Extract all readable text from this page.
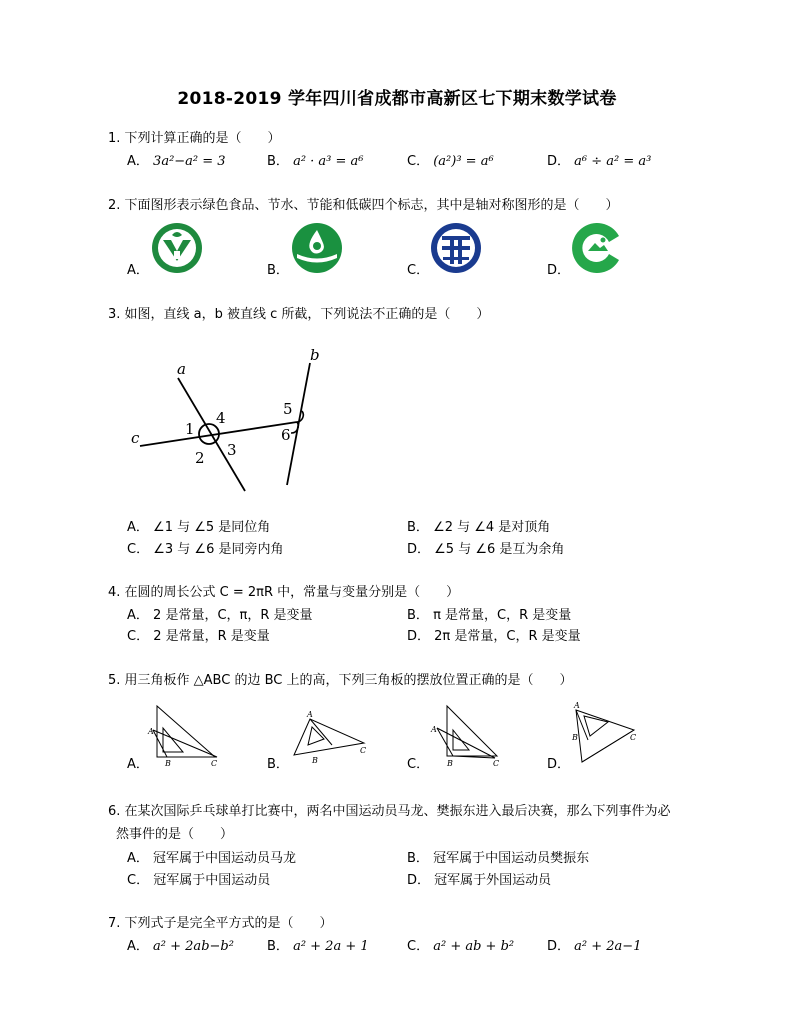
2018-2019 学年四川省成都市高新区七下期末数学试卷
1. 下列计算正确的是（　　）
A． 3a²−a² = 3	B． a² · a³ = a⁶	C． (a²)³ = a⁶	D． a⁶ ÷ a² = a³
2. 下面图形表示绿色食品、节水、节能和低碳四个标志，其中是轴对称图形的是（　　）
A．	B．	C．	D．
3. 如图，直线 a，b 被直线 c 所截，下列说法不正确的是（　　）
a
b
c	1
2 3
4	5
6
A． ∠1 与 ∠5 是同位角	B． ∠2 与 ∠4 是对顶角
C． ∠3 与 ∠6 是同旁内角	D． ∠5 与 ∠6 是互为余角
4. 在圆的周长公式 C = 2πR 中，常量与变量分别是（　　）
A． 2 是常量，C，π，R 是变量	B． π 是常量，C，R 是变量
C． 2 是常量，R 是变量	D． 2π 是常量，C，R 是变量
5. 用三角板作 △ABC 的边 BC 上的高，下列三角板的摆放位置正确的是（　　）
A．
A
B	C	B．
A
B
C
C．
A
B	C	D．
A
B	C
6. 在某次国际乒乓球单打比赛中，两名中国运动员马龙、樊振东进入最后决赛，那么下列事件为必
然事件的是（　　）
A． 冠军属于中国运动员马龙	B． 冠军属于中国运动员樊振东
C． 冠军属于中国运动员	D． 冠军属于外国运动员
7. 下列式子是完全平方式的是（　　）
A． a² + 2ab−b²	B． a² + 2a + 1	C． a² + ab + b²	D． a² + 2a−1
